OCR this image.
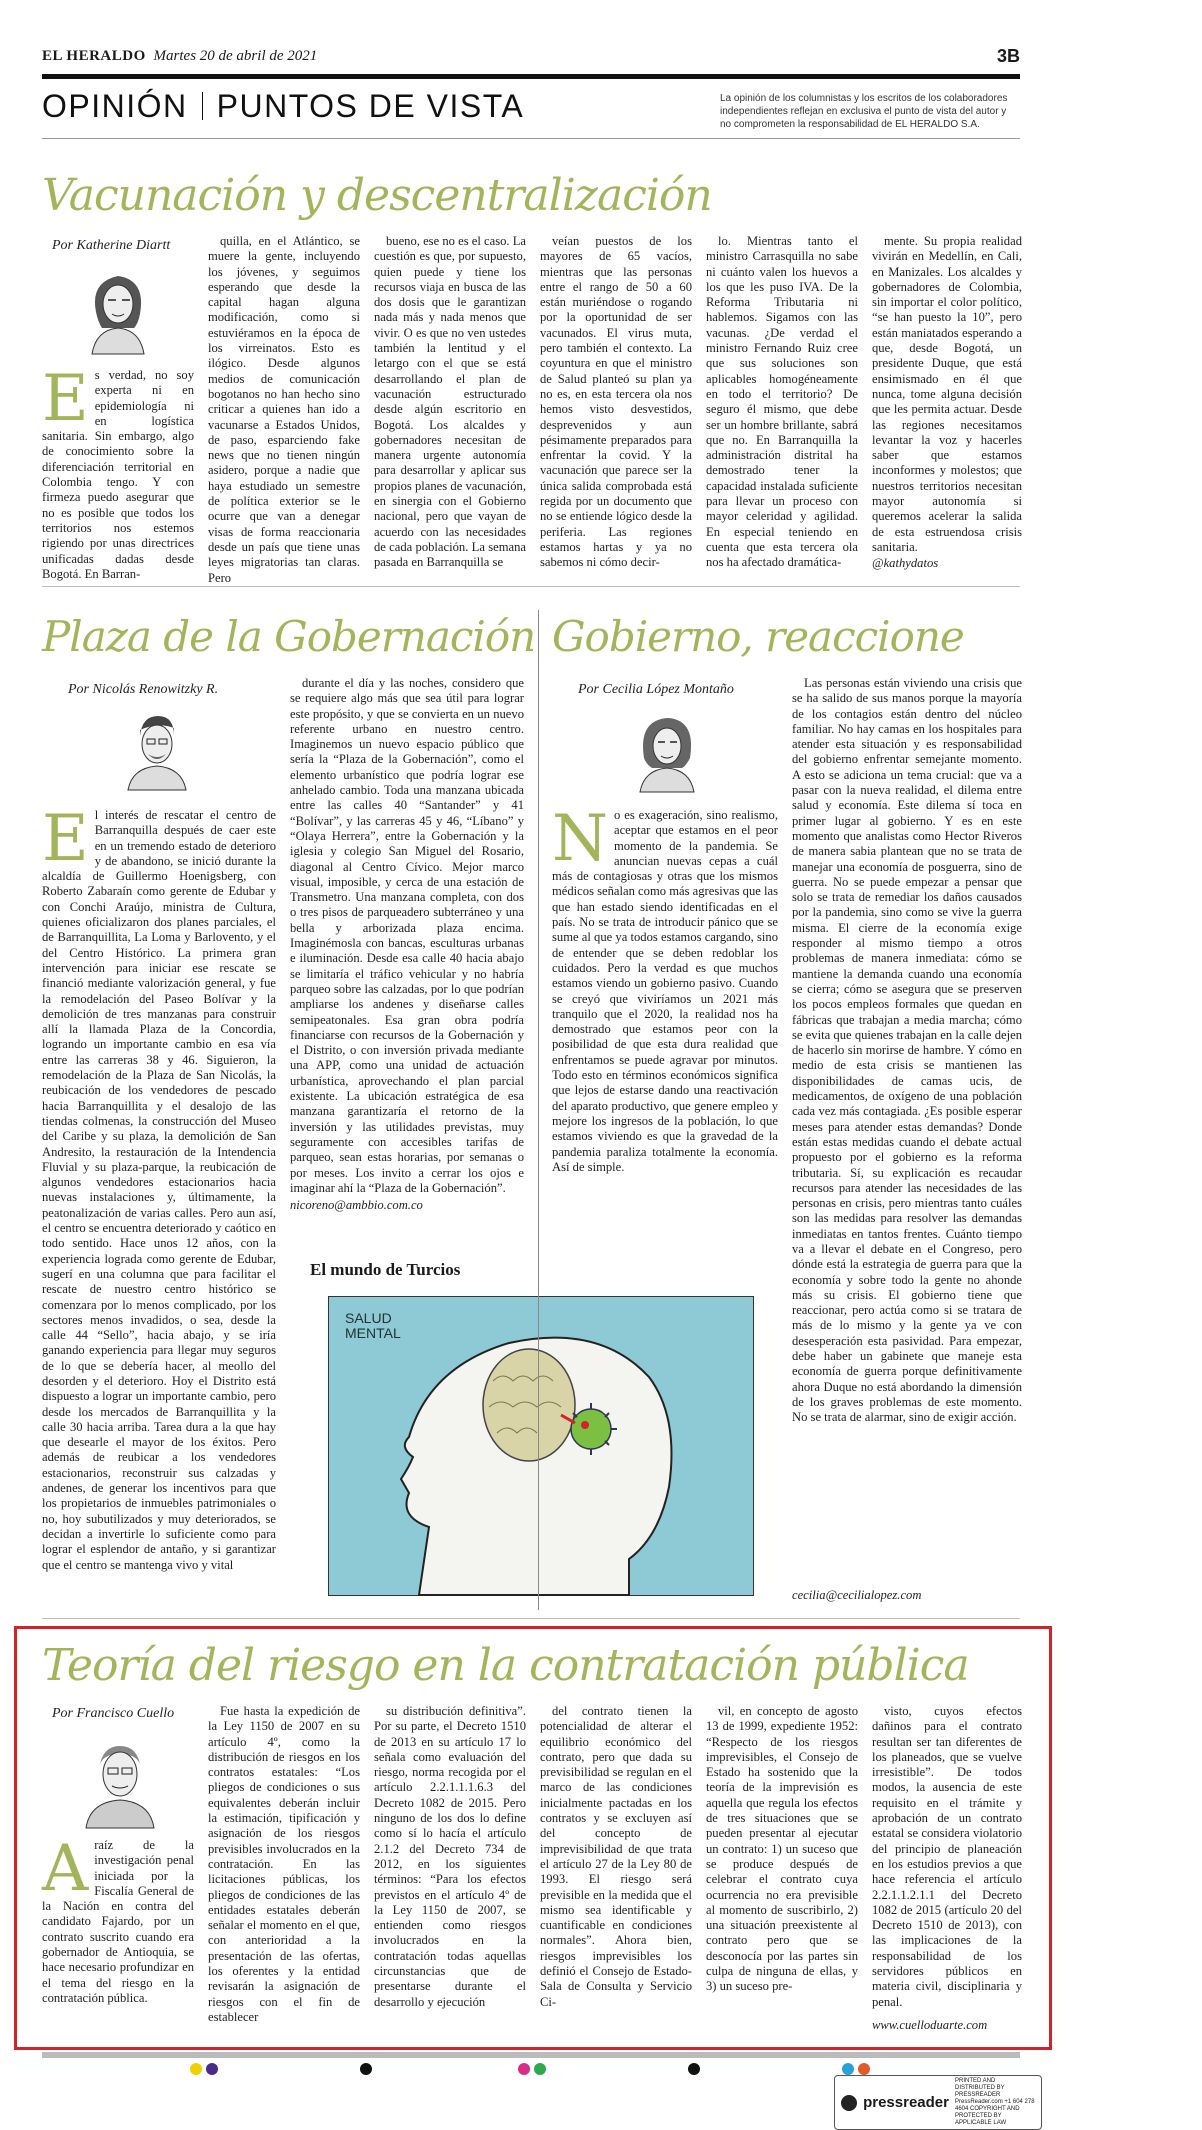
EL HERALDO Martes 20 de abril de 2021	3B
OPINIÓN PUNTOS DE VISTA	La opinión de los columnistas y los escritos de los colaboradores independientes reflejan en exclusiva el punto de vista del autor y no comprometen la responsabilidad de EL HERALDO S.A.
Vacunación y descentralización
Por Katherine Diartt
E s verdad, no soy experta ni en epidemiología ni en logística sanitaria. Sin embargo, algo de conocimiento sobre la diferenciación territorial en Colombia tengo. Y con firmeza puedo asegurar que no es posible que todos los territorios nos estemos rigiendo por unas directrices unificadas dadas desde Bogotá. En Barran-

quilla, en el Atlántico, se muere la gente, incluyendo los jóvenes, y seguimos esperando que desde la capital hagan alguna modificación, como si estuviéramos en la época de los virreinatos. Esto es ilógico. Desde algunos medios de comunicación bogotanos no han hecho sino criticar a quienes han ido a vacunarse a Estados Unidos, de paso, esparciendo fake news que no tienen ningún asidero, porque a nadie que haya estudiado un semestre de política exterior se le ocurre que van a denegar visas de forma reaccionaria desde un país que tiene unas leyes migratorias tan claras. Pero

bueno, ese no es el caso. La cuestión es que, por supuesto, quien puede y tiene los recursos viaja en busca de las dos dosis que le garantizan nada más y nada menos que vivir. O es que no ven ustedes también la lentitud y el letargo con el que se está desarrollando el plan de vacunación estructurado desde algún escritorio en Bogotá. Los alcaldes y gobernadores necesitan de manera urgente autonomía para desarrollar y aplicar sus propios planes de vacunación, en sinergia con el Gobierno nacional, pero que vayan de acuerdo con las necesidades de cada población. La semana pasada en Barranquilla se

veían puestos de los mayores de 65 vacíos, mientras que las personas entre el rango de 50 a 60 están muriéndose o rogando por la oportunidad de ser vacunados. El virus muta, pero también el contexto. La coyuntura en que el ministro de Salud planteó su plan ya no es, en esta tercera ola nos hemos visto desvestidos, desprevenidos y aun pésimamente preparados para enfrentar la covid. Y la vacunación que parece ser la única salida comprobada está regida por un documento que no se entiende lógico desde la periferia. Las regiones estamos hartas y ya no sabemos ni cómo decir-

lo. Mientras tanto el ministro Carrasquilla no sabe ni cuánto valen los huevos a los que les puso IVA. De la Reforma Tributaria ni hablemos. Sigamos con las vacunas. ¿De verdad el ministro Fernando Ruiz cree que sus soluciones son aplicables homogéneamente en todo el territorio? De seguro él mismo, que debe ser un hombre brillante, sabrá que no. En Barranquilla la administración distrital ha demostrado tener la capacidad instalada suficiente para llevar un proceso con mayor celeridad y agilidad. En especial teniendo en cuenta que esta tercera ola nos ha afectado dramática-

mente. Su propia realidad vivirán en Medellín, en Cali, en Manizales. Los alcaldes y gobernadores de Colombia, sin importar el color político, “se han puesto la 10”, pero están maniatados esperando a que, desde Bogotá, un presidente Duque, que está ensimismado en él que nunca, tome alguna decisión que les permita actuar. Desde las regiones necesitamos levantar la voz y hacerles saber que estamos inconformes y molestos; que nuestros territorios necesitan mayor autonomía si queremos acelerar la salida de esta estruendosa crisis sanitaria.

@kathydatos
Plaza de la Gobernación
Por Nicolás Renowitzky R.
E l interés de rescatar el centro de Barranquilla después de caer este en un tremendo estado de deterioro y de abandono, se inició durante la alcaldía de Guillermo Hoenigsberg, con Roberto Zabaraín como gerente de Edubar y con Conchi Araújo, ministra de Cultura, quienes oficializaron dos planes parciales, el de Barranquillita, La Loma y Barlovento, y el del Centro Histórico. La primera gran intervención para iniciar ese rescate se financió mediante valorización general, y fue la remodelación del Paseo Bolívar y la demolición de tres manzanas para construir allí la llamada Plaza de la Concordia, logrando un importante cambio en esa vía entre las carreras 38 y 46. Siguieron, la remodelación de la Plaza de San Nicolás, la reubicación de los vendedores de pescado hacia Barranquillita y el desalojo de las tiendas colmenas, la construcción del Museo del Caribe y su plaza, la demolición de San Andresito, la restauración de la Intendencia Fluvial y su plaza-parque, la reubicación de algunos vendedores estacionarios hacia nuevas instalaciones y, últimamente, la peatonalización de varias calles. Pero aun así, el centro se encuentra deteriorado y caótico en todo sentido. Hace unos 12 años, con la experiencia lograda como gerente de Edubar, sugerí en una columna que para facilitar el rescate de nuestro centro histórico se comenzara por lo menos complicado, por los sectores menos invadidos, o sea, desde la calle 44 “Sello”, hacia abajo, y se iría ganando experiencia para llegar muy seguros de lo que se debería hacer, al meollo del desorden y el deterioro. Hoy el Distrito está dispuesto a lograr un importante cambio, pero desde los mercados de Barranquillita y la calle 30 hacia arriba. Tarea dura a la que hay que desearle el mayor de los éxitos. Pero además de reubicar a los vendedores estacionarios, reconstruir sus calzadas y andenes, de generar los incentivos para que los propietarios de inmuebles patrimoniales o no, hoy subutilizados y muy deteriorados, se decidan a invertirle lo suficiente como para lograr el esplendor de antaño, y si garantizar que el centro se mantenga vivo y vital

durante el día y las noches, considero que se requiere algo más que sea útil para lograr este propósito, y que se convierta en un nuevo referente urbano en nuestro centro. Imaginemos un nuevo espacio público que sería la “Plaza de la Gobernación”, como el elemento urbanístico que podría lograr ese anhelado cambio. Toda una manzana ubicada entre las calles 40 “Santander” y 41 “Bolívar”, y las carreras 45 y 46, “Líbano” y “Olaya Herrera”, entre la Gobernación y la iglesia y colegio San Miguel del Rosario, diagonal al Centro Cívico. Mejor marco visual, imposible, y cerca de una estación de Transmetro. Una manzana completa, con dos o tres pisos de parqueadero subterráneo y una bella y arborizada plaza encima. Imaginémosla con bancas, esculturas urbanas e iluminación. Desde esa calle 40 hacia abajo se limitaría el tráfico vehicular y no habría parqueo sobre las calzadas, por lo que podrían ampliarse los andenes y diseñarse calles semipeatonales. Esa gran obra podría financiarse con recursos de la Gobernación y el Distrito, o con inversión privada mediante una APP, como una unidad de actuación urbanística, aprovechando el plan parcial existente. La ubicación estratégica de esa manzana garantizaría el retorno de la inversión y las utilidades previstas, muy seguramente con accesibles tarifas de parqueo, sean estas horarias, por semanas o por meses. Los invito a cerrar los ojos e imaginar ahí la “Plaza de la Gobernación”.

nicoreno@ambbio.com.co
El mundo de Turcios
SALUD
MENTAL
Gobierno, reaccione
Por Cecilia López Montaño
N o es exageración, sino realismo, aceptar que estamos en el peor momento de la pandemia. Se anuncian nuevas cepas a cuál más de contagiosas y otras que los mismos médicos señalan como más agresivas que las que han estado siendo identificadas en el país. No se trata de introducir pánico que se sume al que ya todos estamos cargando, sino de entender que se deben redoblar los cuidados. Pero la verdad es que muchos estamos viendo un gobierno pasivo. Cuando se creyó que viviríamos un 2021 más tranquilo que el 2020, la realidad nos ha demostrado que estamos peor con la posibilidad de que esta dura realidad que enfrentamos se puede agravar por minutos. Todo esto en términos económicos significa que lejos de estarse dando una reactivación del aparato productivo, que genere empleo y mejore los ingresos de la población, lo que estamos viviendo es que la gravedad de la pandemia paraliza totalmente la economía. Así de simple.

Las personas están viviendo una crisis que se ha salido de sus manos porque la mayoría de los contagios están dentro del núcleo familiar. No hay camas en los hospitales para atender esta situación y es responsabilidad del gobierno enfrentar semejante momento. A esto se adiciona un tema crucial: que va a pasar con la nueva realidad, el dilema entre salud y economía. Este dilema sí toca en primer lugar al gobierno. Y es en este momento que analistas como Hector Riveros de manera sabia plantean que no se trata de manejar una economía de posguerra, sino de guerra. No se puede empezar a pensar que solo se trata de remediar los daños causados por la pandemia, sino como se vive la guerra misma. El cierre de la economía exige responder al mismo tiempo a otros problemas de manera inmediata: cómo se mantiene la demanda cuando una economía se cierra; cómo se asegura que se preserven los pocos empleos formales que quedan en fábricas que trabajan a media marcha; cómo se evita que quienes trabajan en la calle dejen de hacerlo sin morirse de hambre. Y cómo en medio de esta crisis se mantienen las disponibilidades de camas ucis, de medicamentos, de oxígeno de una población cada vez más contagiada. ¿Es posible esperar meses para atender estas demandas? Donde están estas medidas cuando el debate actual propuesto por el gobierno es la reforma tributaria. Sí, su explicación es recaudar recursos para atender las necesidades de las personas en crisis, pero mientras tanto cuáles son las medidas para resolver las demandas inmediatas en tantos frentes. Cuánto tiempo va a llevar el debate en el Congreso, pero dónde está la estrategia de guerra para que la economía y sobre todo la gente no ahonde más su crisis. El gobierno tiene que reaccionar, pero actúa como si se tratara de más de lo mismo y la gente ya ve con desesperación esta pasividad. Para empezar, debe haber un gabinete que maneje esta economía de guerra porque definitivamente ahora Duque no está abordando la dimensión de los graves problemas de este momento. No se trata de alarmar, sino de exigir acción.

cecilia@cecilialopez.com
Teoría del riesgo en la contratación pública
Por Francisco Cuello
A raíz de la investigación penal iniciada por la Fiscalía General de la Nación en contra del candidato Fajardo, por un contrato suscrito cuando era gobernador de Antioquia, se hace necesario profundizar en el tema del riesgo en la contratación pública.

Fue hasta la expedición de la Ley 1150 de 2007 en su artículo 4º, como la distribución de riesgos en los contratos estatales: “Los pliegos de condiciones o sus equivalentes deberán incluir la estimación, tipificación y asignación de los riesgos previsibles involucrados en la contratación. En las licitaciones públicas, los pliegos de condiciones de las entidades estatales deberán señalar el momento en el que, con anterioridad a la presentación de las ofertas, los oferentes y la entidad revisarán la asignación de riesgos con el fin de establecer

su distribución definitiva”. Por su parte, el Decreto 1510 de 2013 en su artículo 17 lo señala como evaluación del riesgo, norma recogida por el artículo 2.2.1.1.1.6.3 del Decreto 1082 de 2015. Pero ninguno de los dos lo define como sí lo hacía el artículo 2.1.2 del Decreto 734 de 2012, en los siguientes términos: “Para los efectos previstos en el artículo 4º de la Ley 1150 de 2007, se entienden como riesgos involucrados en la contratación todas aquellas circunstancias que de presentarse durante el desarrollo y ejecución

del contrato tienen la potencialidad de alterar el equilibrio económico del contrato, pero que dada su previsibilidad se regulan en el marco de las condiciones inicialmente pactadas en los contratos y se excluyen así del concepto de imprevisibilidad de que trata el artículo 27 de la Ley 80 de 1993. El riesgo será previsible en la medida que el mismo sea identificable y cuantificable en condiciones normales”. Ahora bien, riesgos imprevisibles los definió el Consejo de Estado- Sala de Consulta y Servicio Ci-

vil, en concepto de agosto 13 de 1999, expediente 1952: “Respecto de los riesgos imprevisibles, el Consejo de Estado ha sostenido que la teoría de la imprevisión es aquella que regula los efectos de tres situaciones que se pueden presentar al ejecutar un contrato: 1) un suceso que se produce después de celebrar el contrato cuya ocurrencia no era previsible al momento de suscribirlo, 2) una situación preexistente al contrato pero que se desconocía por las partes sin culpa de ninguna de ellas, y 3) un suceso pre-

visto, cuyos efectos dañinos para el contrato resultan ser tan diferentes de los planeados, que se vuelve irresistible”. De todos modos, la ausencia de este requisito en el trámite y aprobación de un contrato estatal se considera violatorio del principio de planeación en los estudios previos a que hace referencia el artículo 2.2.1.1.2.1.1 del Decreto 1082 de 2015 (artículo 20 del Decreto 1510 de 2013), con las implicaciones de la responsabilidad de los servidores públicos en materia civil, disciplinaria y penal.

www.cuelloduarte.com
pressreader
PRINTED AND DISTRIBUTED BY PRESSREADER PressReader.com +1 604 278 4604 COPYRIGHT AND PROTECTED BY APPLICABLE LAW
